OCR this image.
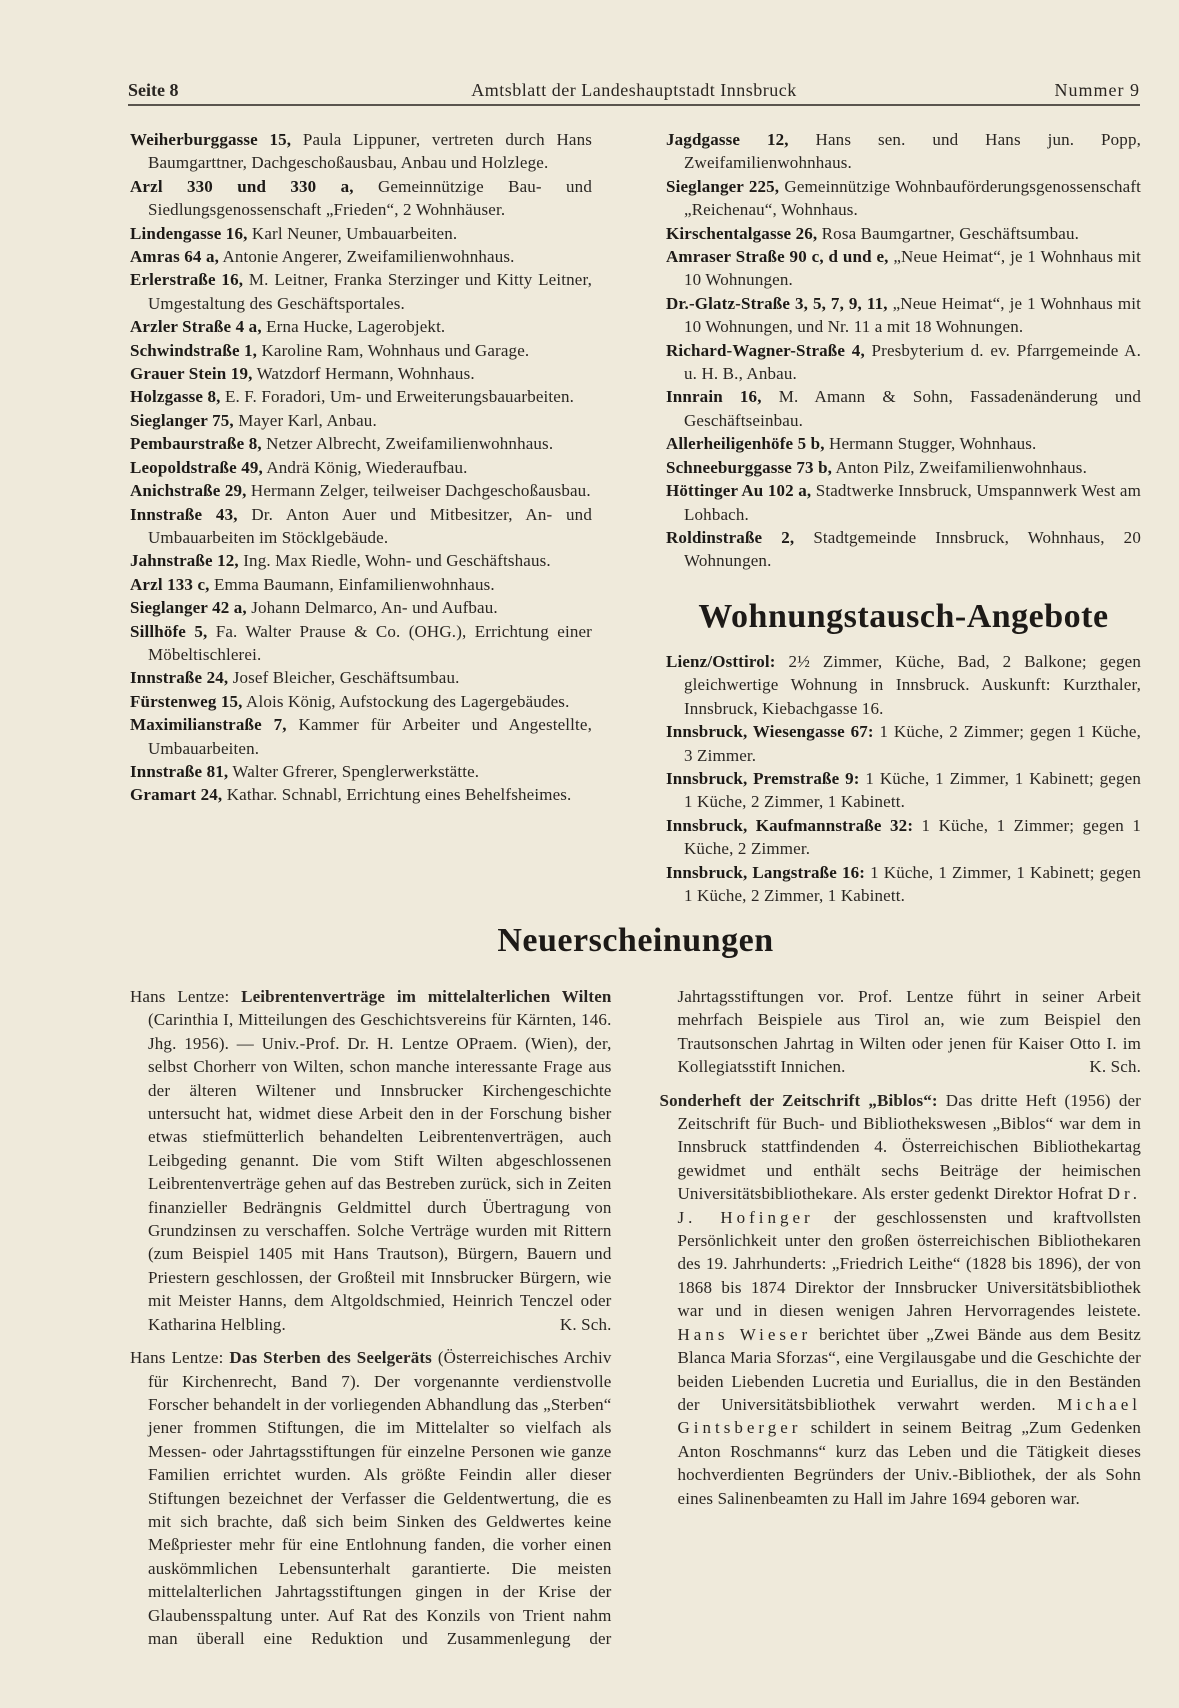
Seite 8	Amtsblatt der Landeshauptstadt Innsbruck	Nummer 9
Weiherburggasse 15, Paula Lippuner, vertreten durch Hans Baumgarttner, Dachgeschoßausbau, Anbau und Holzlege.
Arzl 330 und 330 a, Gemeinnützige Bau- und Siedlungsgenossenschaft „Frieden“, 2 Wohnhäuser.
Lindengasse 16, Karl Neuner, Umbauarbeiten.
Amras 64 a, Antonie Angerer, Zweifamilienwohnhaus.
Erlerstraße 16, M. Leitner, Franka Sterzinger und Kitty Leitner, Umgestaltung des Geschäftsportales.
Arzler Straße 4 a, Erna Hucke, Lagerobjekt.
Schwindstraße 1, Karoline Ram, Wohnhaus und Garage.
Grauer Stein 19, Watzdorf Hermann, Wohnhaus.
Holzgasse 8, E. F. Foradori, Um- und Erweiterungsbauarbeiten.
Sieglanger 75, Mayer Karl, Anbau.
Pembaurstraße 8, Netzer Albrecht, Zweifamilienwohnhaus.
Leopoldstraße 49, Andrä König, Wiederaufbau.
Anichstraße 29, Hermann Zelger, teilweiser Dachgeschoßausbau.
Innstraße 43, Dr. Anton Auer und Mitbesitzer, An- und Umbauarbeiten im Stöcklgebäude.
Jahnstraße 12, Ing. Max Riedle, Wohn- und Geschäftshaus.
Arzl 133 c, Emma Baumann, Einfamilienwohnhaus.
Sieglanger 42 a, Johann Delmarco, An- und Aufbau.
Sillhöfe 5, Fa. Walter Prause & Co. (OHG.), Errichtung einer Möbeltischlerei.
Innstraße 24, Josef Bleicher, Geschäftsumbau.
Fürstenweg 15, Alois König, Aufstockung des Lagergebäudes.
Maximilianstraße 7, Kammer für Arbeiter und Angestellte, Umbauarbeiten.
Innstraße 81, Walter Gfrerer, Spenglerwerkstätte.
Gramart 24, Kathar. Schnabl, Errichtung eines Behelfsheimes.
Jagdgasse 12, Hans sen. und Hans jun. Popp, Zweifamilienwohnhaus.
Sieglanger 225, Gemeinnützige Wohnbauförderungsgenossenschaft „Reichenau“, Wohnhaus.
Kirschentalgasse 26, Rosa Baumgartner, Geschäftsumbau.
Amraser Straße 90 c, d und e, „Neue Heimat“, je 1 Wohnhaus mit 10 Wohnungen.
Dr.-Glatz-Straße 3, 5, 7, 9, 11, „Neue Heimat“, je 1 Wohnhaus mit 10 Wohnungen, und Nr. 11 a mit 18 Wohnungen.
Richard-Wagner-Straße 4, Presbyterium d. ev. Pfarrgemeinde A. u. H. B., Anbau.
Innrain 16, M. Amann & Sohn, Fassadenänderung und Geschäftseinbau.
Allerheiligenhöfe 5 b, Hermann Stugger, Wohnhaus.
Schneeburggasse 73 b, Anton Pilz, Zweifamilienwohnhaus.
Höttinger Au 102 a, Stadtwerke Innsbruck, Umspannwerk West am Lohbach.
Roldinstraße 2, Stadtgemeinde Innsbruck, Wohnhaus, 20 Wohnungen.
Wohnungstausch-Angebote
Lienz/Osttirol: 2½ Zimmer, Küche, Bad, 2 Balkone; gegen gleichwertige Wohnung in Innsbruck. Auskunft: Kurzthaler, Innsbruck, Kiebachgasse 16.
Innsbruck, Wiesengasse 67: 1 Küche, 2 Zimmer; gegen 1 Küche, 3 Zimmer.
Innsbruck, Premstraße 9: 1 Küche, 1 Zimmer, 1 Kabinett; gegen 1 Küche, 2 Zimmer, 1 Kabinett.
Innsbruck, Kaufmannstraße 32: 1 Küche, 1 Zimmer; gegen 1 Küche, 2 Zimmer.
Innsbruck, Langstraße 16: 1 Küche, 1 Zimmer, 1 Kabinett; gegen 1 Küche, 2 Zimmer, 1 Kabinett.
Neuerscheinungen
Hans Lentze: Leibrentenverträge im mittelalterlichen Wilten (Carinthia I, Mitteilungen des Geschichtsvereins für Kärnten, 146. Jhg. 1956). — Univ.-Prof. Dr. H. Lentze OPraem. (Wien), der, selbst Chorherr von Wilten, schon manche interessante Frage aus der älteren Wiltener und Innsbrucker Kirchengeschichte untersucht hat, widmet diese Arbeit den in der Forschung bisher etwas stiefmütterlich behandelten Leibrentenverträgen, auch Leibgeding genannt. Die vom Stift Wilten abgeschlossenen Leibrentenverträge gehen auf das Bestreben zurück, sich in Zeiten finanzieller Bedrängnis Geldmittel durch Übertragung von Grundzinsen zu verschaffen. Solche Verträge wurden mit Rittern (zum Beispiel 1405 mit Hans Trautson), Bürgern, Bauern und Priestern geschlossen, der Großteil mit Innsbrucker Bürgern, wie mit Meister Hanns, dem Altgoldschmied, Heinrich Tenczel oder Katharina Helbling.	K. Sch.
Hans Lentze: Das Sterben des Seelgeräts (Österreichisches Archiv für Kirchenrecht, Band 7). Der vorgenannte verdienstvolle Forscher behandelt in der vorliegenden Abhandlung das „Sterben“ jener frommen Stiftungen, die im Mittelalter so vielfach als Messen- oder Jahrtagsstiftungen für einzelne Personen wie ganze Familien errichtet wurden. Als größte Feindin aller dieser Stiftungen bezeichnet der Verfasser die Geldentwertung, die es mit sich brachte, daß sich beim Sinken des Geldwertes keine Meßpriester mehr für eine Entlohnung fanden, die vorher einen auskömmlichen Lebensunterhalt garantierte. Die meisten mittelalterlichen Jahrtagsstiftungen gingen in der Krise der Glaubensspaltung unter. Auf Rat des Konzils von Trient nahm man überall eine Reduktion und Zusammenlegung der Jahrtagsstiftungen vor. Prof. Lentze führt in seiner Arbeit mehrfach Beispiele aus Tirol an, wie zum Beispiel den Trautsonschen Jahrtag in Wilten oder jenen für Kaiser Otto I. im Kollegiatsstift Innichen.	K. Sch.
Sonderheft der Zeitschrift „Biblos“: Das dritte Heft (1956) der Zeitschrift für Buch- und Bibliothekswesen „Biblos“ war dem in Innsbruck stattfindenden 4. Österreichischen Bibliothekartag gewidmet und enthält sechs Beiträge der heimischen Universitätsbibliothekare. Als erster gedenkt Direktor Hofrat Dr. J. Hofinger der geschlossensten und kraftvollsten Persönlichkeit unter den großen österreichischen Bibliothekaren des 19. Jahrhunderts: „Friedrich Leithe“ (1828 bis 1896), der von 1868 bis 1874 Direktor der Innsbrucker Universitätsbibliothek war und in diesen wenigen Jahren Hervorragendes leistete. Hans Wieser berichtet über „Zwei Bände aus dem Besitz Blanca Maria Sforzas“, eine Vergilausgabe und die Geschichte der beiden Liebenden Lucretia und Euriallus, die in den Beständen der Universitätsbibliothek verwahrt werden. Michael Gintsberger schildert in seinem Beitrag „Zum Gedenken Anton Roschmanns“ kurz das Leben und die Tätigkeit dieses hochverdienten Begründers der Univ.-Bibliothek, der als Sohn eines Salinenbeamten zu Hall im Jahre 1694 geboren war.
